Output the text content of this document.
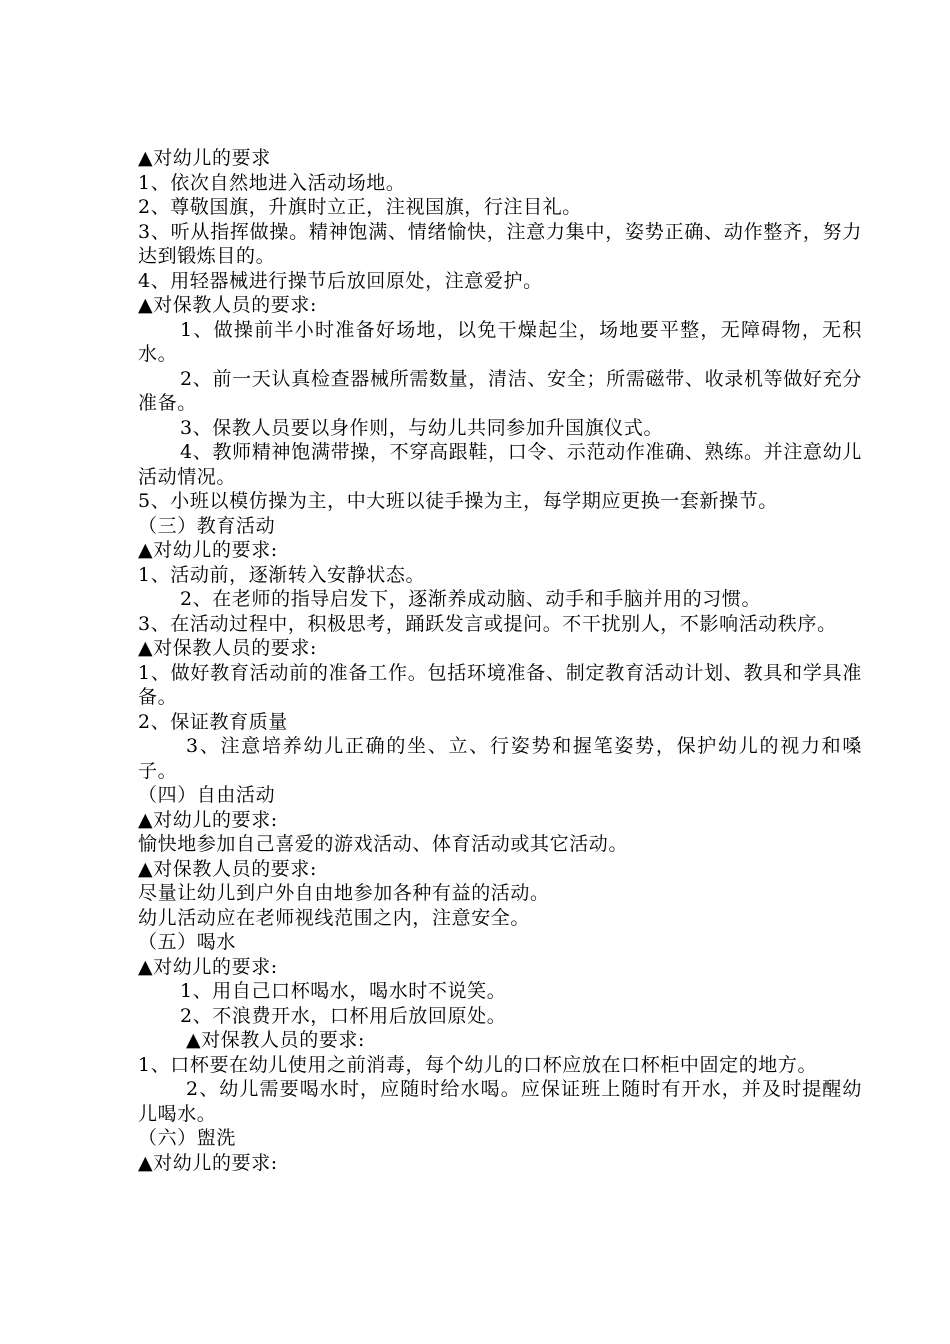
▲对幼儿的要求

1、依次自然地进入活动场地。

2、尊敬国旗，升旗时立正，注视国旗，行注目礼。

3、听从指挥做操。精神饱满、情绪愉快，注意力集中，姿势正确、动作整齐，努力达到锻炼目的。

4、用轻器械进行操节后放回原处，注意爱护。

▲对保教人员的要求:

1、做操前半小时准备好场地，以免干燥起尘，场地要平整，无障碍物，无积水。

2、前一天认真检查器械所需数量，清洁、安全；所需磁带、收录机等做好充分准备。

3、保教人员要以身作则，与幼儿共同参加升国旗仪式。

4、教师精神饱满带操，不穿高跟鞋，口令、示范动作准确、熟练。并注意幼儿活动情况。

5、小班以模仿操为主，中大班以徒手操为主，每学期应更换一套新操节。

（三）教育活动

▲对幼儿的要求:

1、活动前，逐渐转入安静状态。

2、在老师的指导启发下，逐渐养成动脑、动手和手脑并用的习惯。

3、在活动过程中，积极思考，踊跃发言或提问。不干扰别人，不影响活动秩序。

▲对保教人员的要求:

1、做好教育活动前的准备工作。包括环境准备、制定教育活动计划、教具和学具准备。

2、保证教育质量

3、注意培养幼儿正确的坐、立、行姿势和握笔姿势，保护幼儿的视力和嗓子。

（四）自由活动

▲对幼儿的要求:

愉快地参加自己喜爱的游戏活动、体育活动或其它活动。

▲对保教人员的要求:

尽量让幼儿到户外自由地参加各种有益的活动。

幼儿活动应在老师视线范围之内，注意安全。

（五）喝水

▲对幼儿的要求:

1、用自己口杯喝水，喝水时不说笑。

2、不浪费开水，口杯用后放回原处。

▲对保教人员的要求:

1、口杯要在幼儿使用之前消毒，每个幼儿的口杯应放在口杯柜中固定的地方。

2、幼儿需要喝水时，应随时给水喝。应保证班上随时有开水，并及时提醒幼儿喝水。

（六）盥洗

▲对幼儿的要求:
